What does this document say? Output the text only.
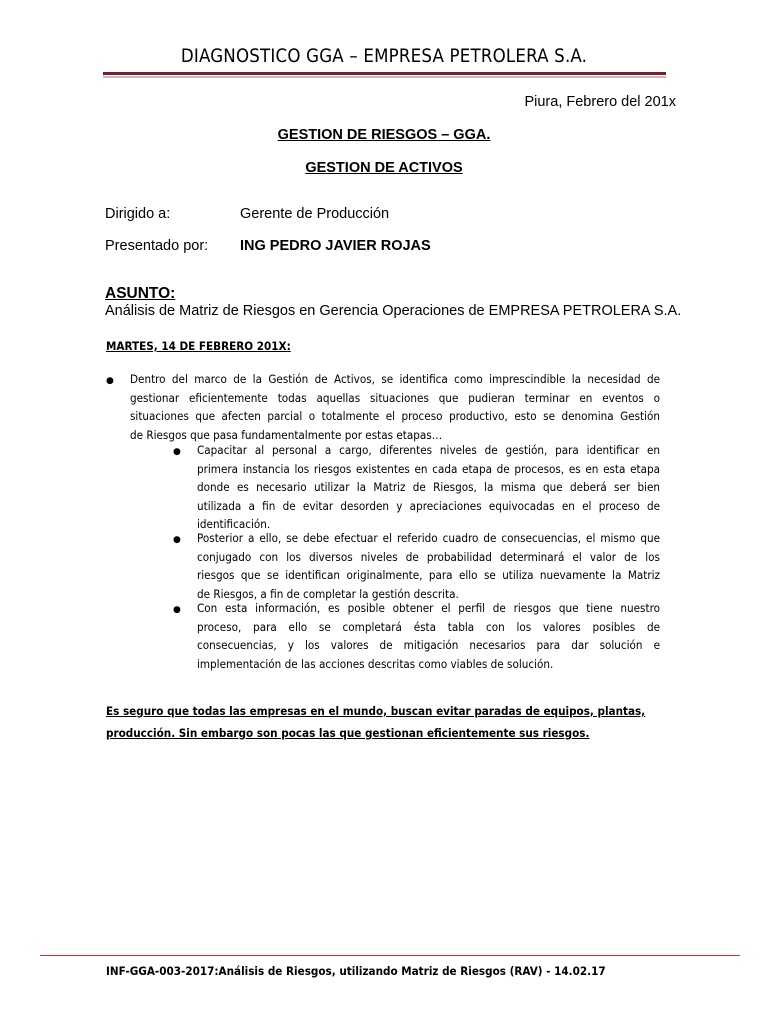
DIAGNOSTICO GGA – EMPRESA PETROLERA S.A.
Piura, Febrero del 201x
GESTION DE RIESGOS – GGA.
GESTION DE ACTIVOS
Dirigido a:	Gerente de Producción
Presentado por: ING PEDRO JAVIER ROJAS
ASUNTO:
Análisis de Matriz de Riesgos en Gerencia Operaciones de EMPRESA PETROLERA S.A.
MARTES, 14 DE FEBRERO 201X:
● Dentro del marco de la Gestión de Activos, se identifica como imprescindible la necesidad de
gestionar eficientemente todas aquellas situaciones que pudieran terminar en eventos o
situaciones que afecten parcial o totalmente el proceso productivo, esto se denomina Gestión
de Riesgos que pasa fundamentalmente por estas etapas…
● Capacitar al personal a cargo, diferentes niveles de gestión, para identificar en
primera instancia los riesgos existentes en cada etapa de procesos, es en esta etapa
donde es necesario utilizar la Matriz de Riesgos, la misma que deberá ser bien
utilizada a fin de evitar desorden y apreciaciones equivocadas en el proceso de
identificación.
● Posterior a ello, se debe efectuar el referido cuadro de consecuencias, el mismo que
conjugado con los diversos niveles de probabilidad determinará el valor de los
riesgos que se identifican originalmente, para ello se utiliza nuevamente la Matriz
de Riesgos, a fin de completar la gestión descrita.
● Con esta información, es posible obtener el perfil de riesgos que tiene nuestro
proceso, para ello se completará ésta tabla con los valores posibles de
consecuencias, y los valores de mitigación necesarios para dar solución e
implementación de las acciones descritas como viables de solución.
Es seguro que todas las empresas en el mundo, buscan evitar paradas de equipos, plantas,
producción. Sin embargo son pocas las que gestionan eficientemente sus riesgos.
INF-GGA-003-2017:Análisis de Riesgos, utilizando Matriz de Riesgos (RAV) - 14.02.17
